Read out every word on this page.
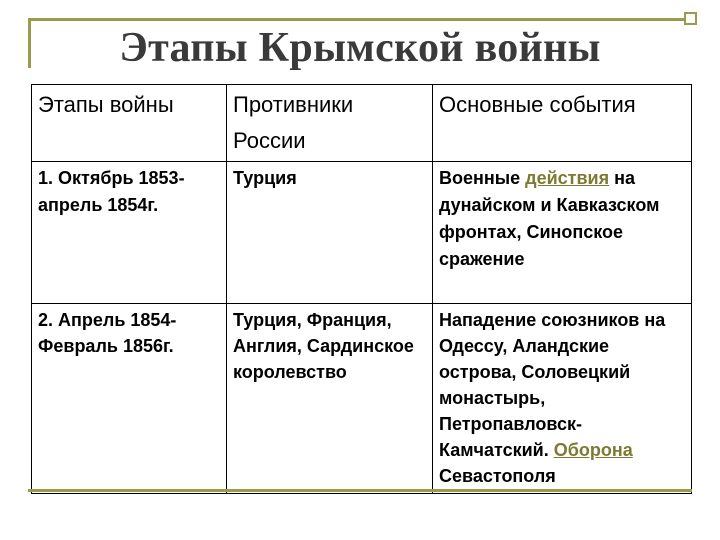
Этапы Крымской войны
Этапы войны	Противники России	Основные события
1. Октябрь 1853- апрель 1854г.	Турция	Военные действия на дунайском и Кавказском фронтах, Синопское сражение
2. Апрель 1854- Февраль 1856г.	Турция, Франция, Англия, Сардинское королевство	Нападение союзников на Одессу, Аландские острова, Соловецкий монастырь, Петропавловск-Камчатский. Оборона Севастополя
